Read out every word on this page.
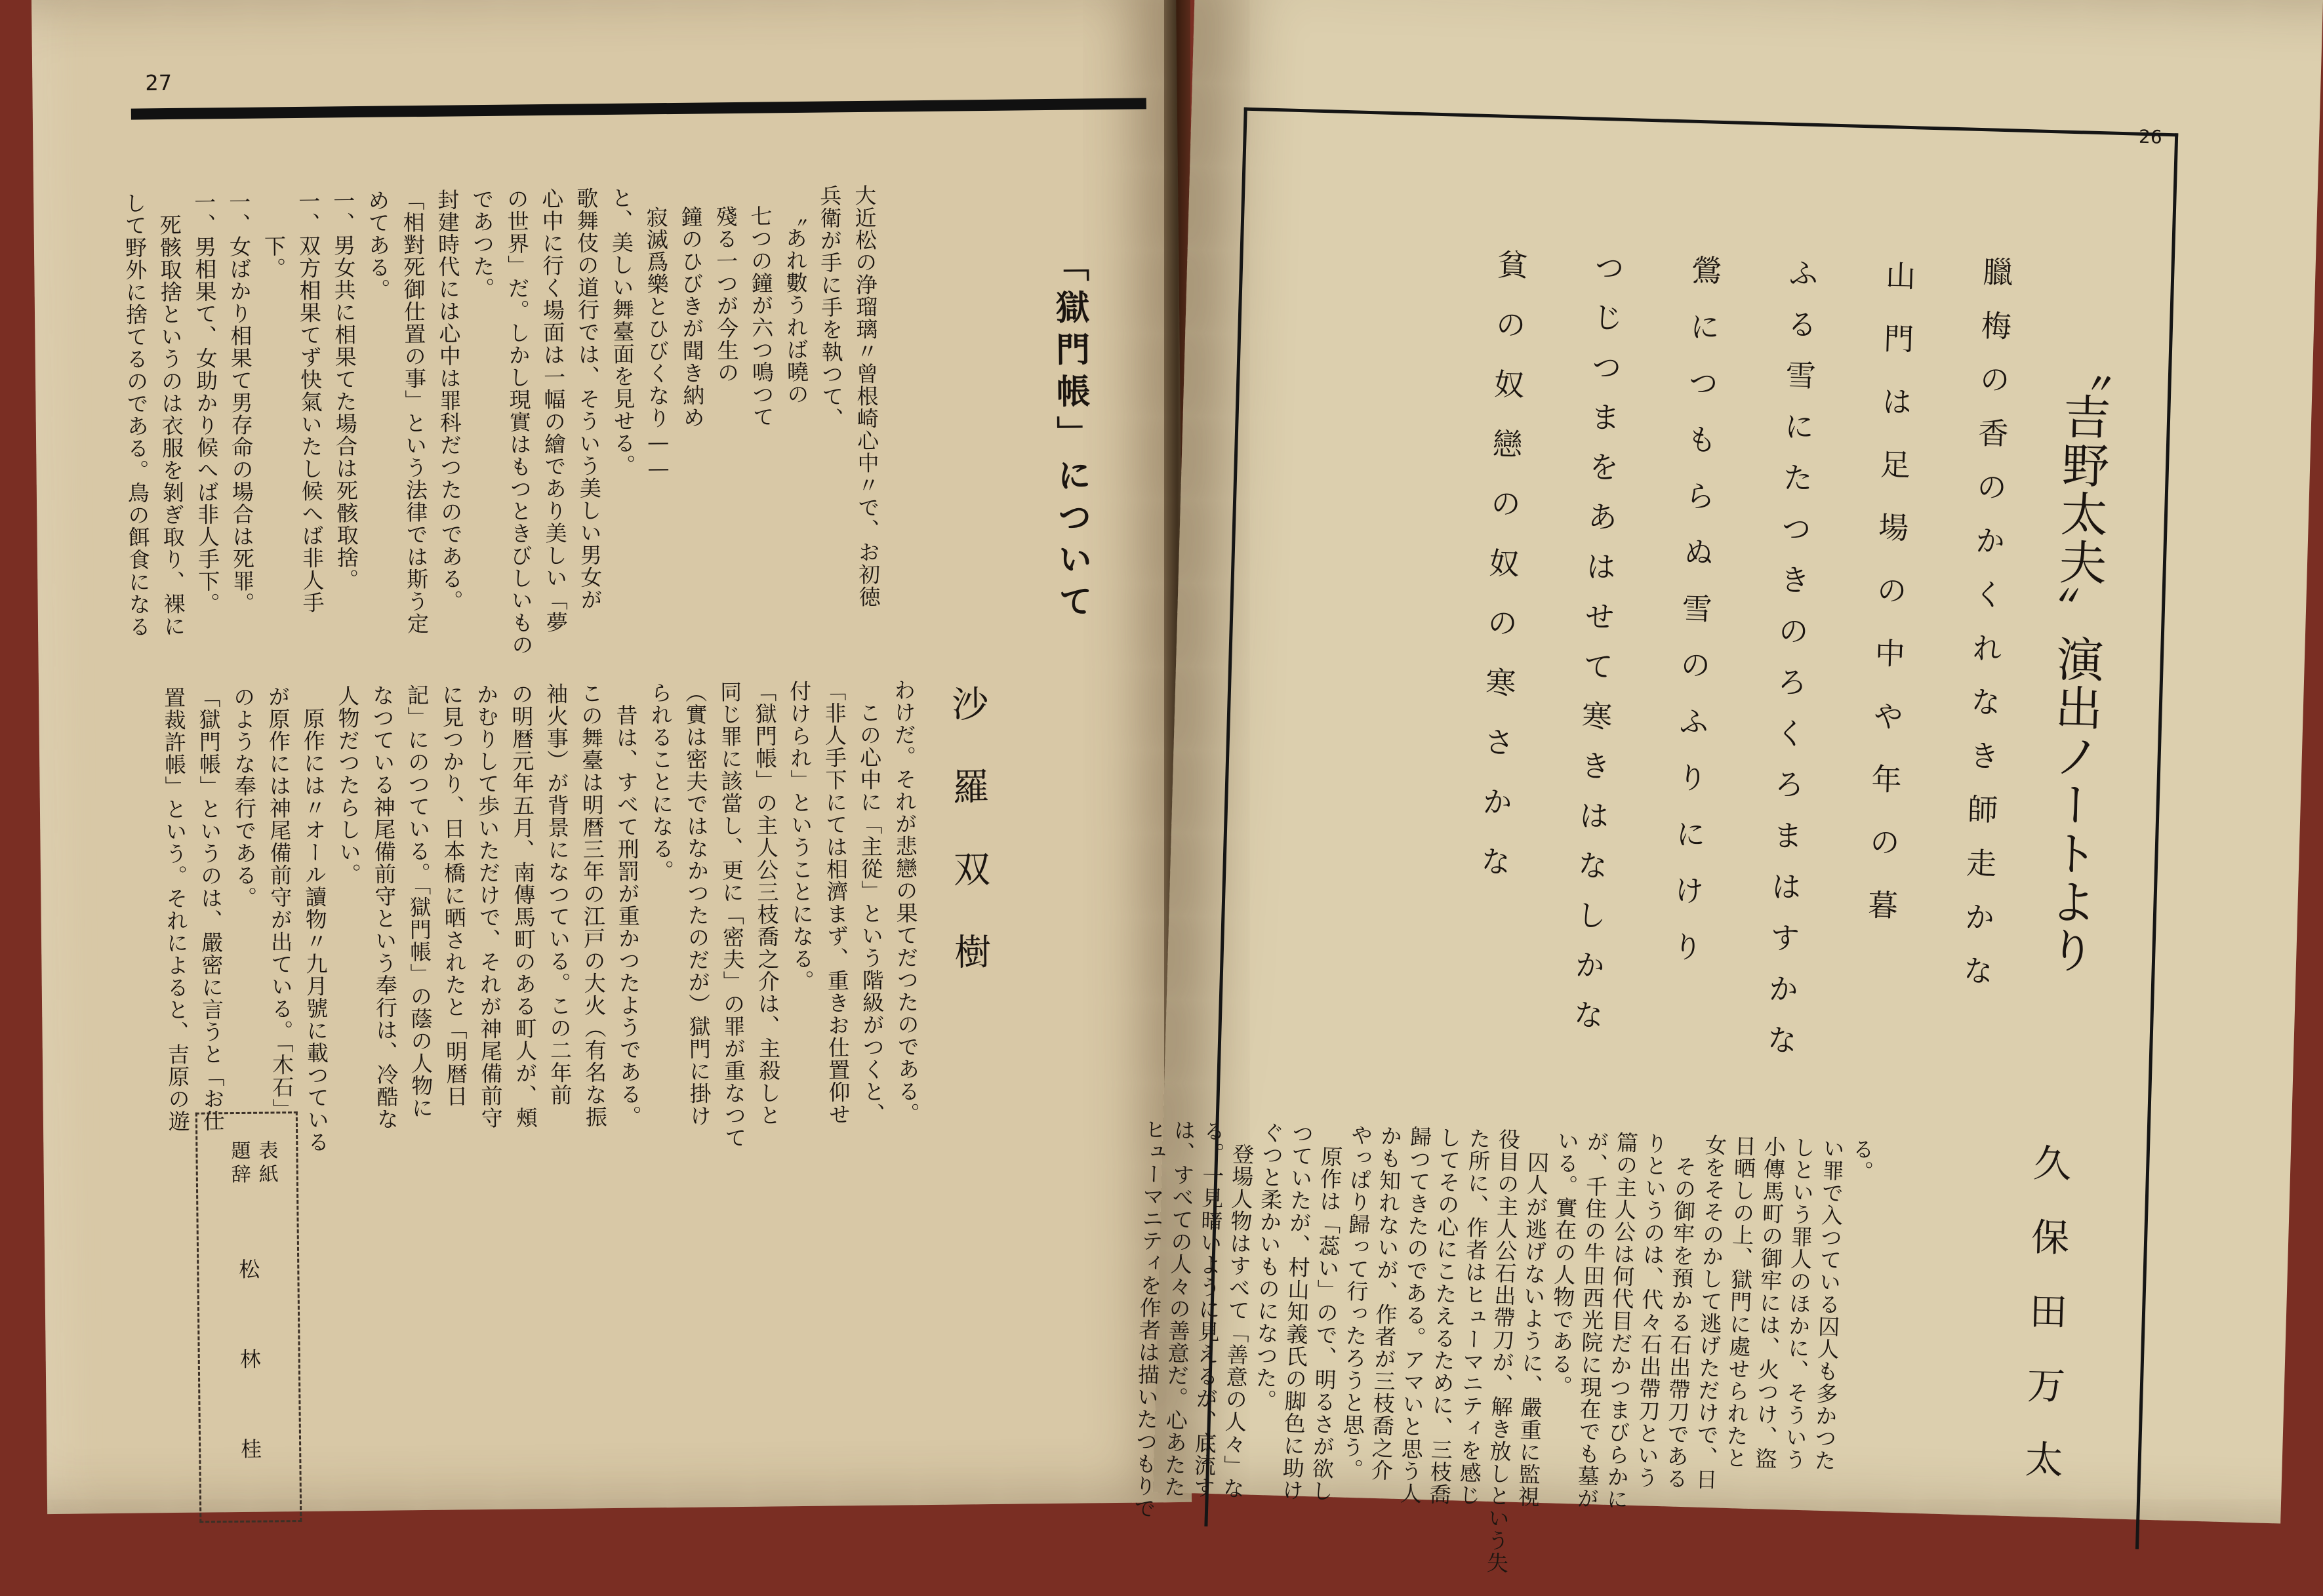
27
「獄門帳」について
沙羅双樹
大近松の浄瑠璃〃曾根崎心中〃で、お初徳
兵衛が手に手を執つて、
〝あれ數うれば曉の
七つの鐘が六つ鳴つて
殘る一つが今生の
鐘のひびきが聞き納め
寂滅爲樂とひびくなり——
と、美しい舞臺面を見せる。
歌舞伎の道行では、そういう美しい男女が
心中に行く場面は一幅の繪であり美しい「夢
の世界」だ。しかし現實はもつときびしいもの
であつた。
封建時代には心中は罪科だつたのである。
「相對死御仕置の事」という法律では斯う定
めてある。
一、男女共に相果てた場合は死骸取捨。
一、双方相果てず快氣いたし候へば非人手
　　下。
一、女ばかり相果て男存命の場合は死罪。
一、男相果て、女助かり候へば非人手下。
　死骸取捨というのは衣服を剝ぎ取り、裸に
して野外に捨てるのである。鳥の餌食になる
わけだ。それが悲戀の果てだつたのである。
　この心中に「主從」という階級がつくと、
「非人手下にては相濟まず、重きお仕置仰せ
付けられ」ということになる。
「獄門帳」の主人公三枝喬之介は、主殺しと
同じ罪に該當し、更に「密夫」の罪が重なつて
（實は密夫ではなかつたのだが）獄門に掛け
られることになる。
　昔は、すべて刑罰が重かつたようである。
この舞臺は明暦三年の江戸の大火（有名な振
袖火事）が背景になつている。この二年前
の明暦元年五月、南傳馬町のある町人が、頰
かむりして歩いただけで、それが神尾備前守
に見つかり、日本橋に晒されたと「明暦日
記」にのつている。「獄門帳」の蔭の人物に
なつている神尾備前守という奉行は、冷酷な
人物だつたらしい。
　原作には〃オール讀物〃九月號に載つている
が原作には神尾備前守が出ている。「木石」
のような奉行である。
「獄門帳」というのは、嚴密に言うと「お仕
置裁許帳」という。それによると、吉原の遊
表紙
題辞
松林桂
26
〝吉野太夫〟演出ノートより
臘梅の香のかくれなき師走かな
山門は足場の中や年の暮
ふる雪にたつきのろくろまはすかな
鶯につもらぬ雪のふりにけり
つじつまをあはせて寒きはなしかな
貧の奴戀の奴の寒さかな
久保田万太
る。
い罪で入つている囚人も多かつた
しという罪人のほかに、そういう
小傳馬町の御牢には、火つけ、盜
日晒しの上、獄門に處せられたと
女をそそのかして逃げただけで、日
　その御牢を預かる石出帶刀である
りというのは、代々石出帶刀という
篇の主人公は何代目だかつまびらかに
が、千住の牛田西光院に現在でも墓が
いる。實在の人物である。
　囚人が逃げないように、嚴重に監視
役目の主人公石出帶刀が、解き放しという失
た所に、作者はヒューマニティを感じ
してその心にこたえるために、三枝喬
歸つてきたのである。アマいと思う人
かも知れないが、作者が三枝喬之介
やっぱり歸って行ったろうと思う。
　原作は「蕊い」ので、明るさが欲し
つていたが、村山知義氏の脚色に助け
ぐつと柔かいものになつた。
　登場人物はすべて「善意の人々」な
る。一見暗いように見えるが、底流す
は、すべての人々の善意だ。心あたた
ヒューマニティを作者は描いたつもりで
